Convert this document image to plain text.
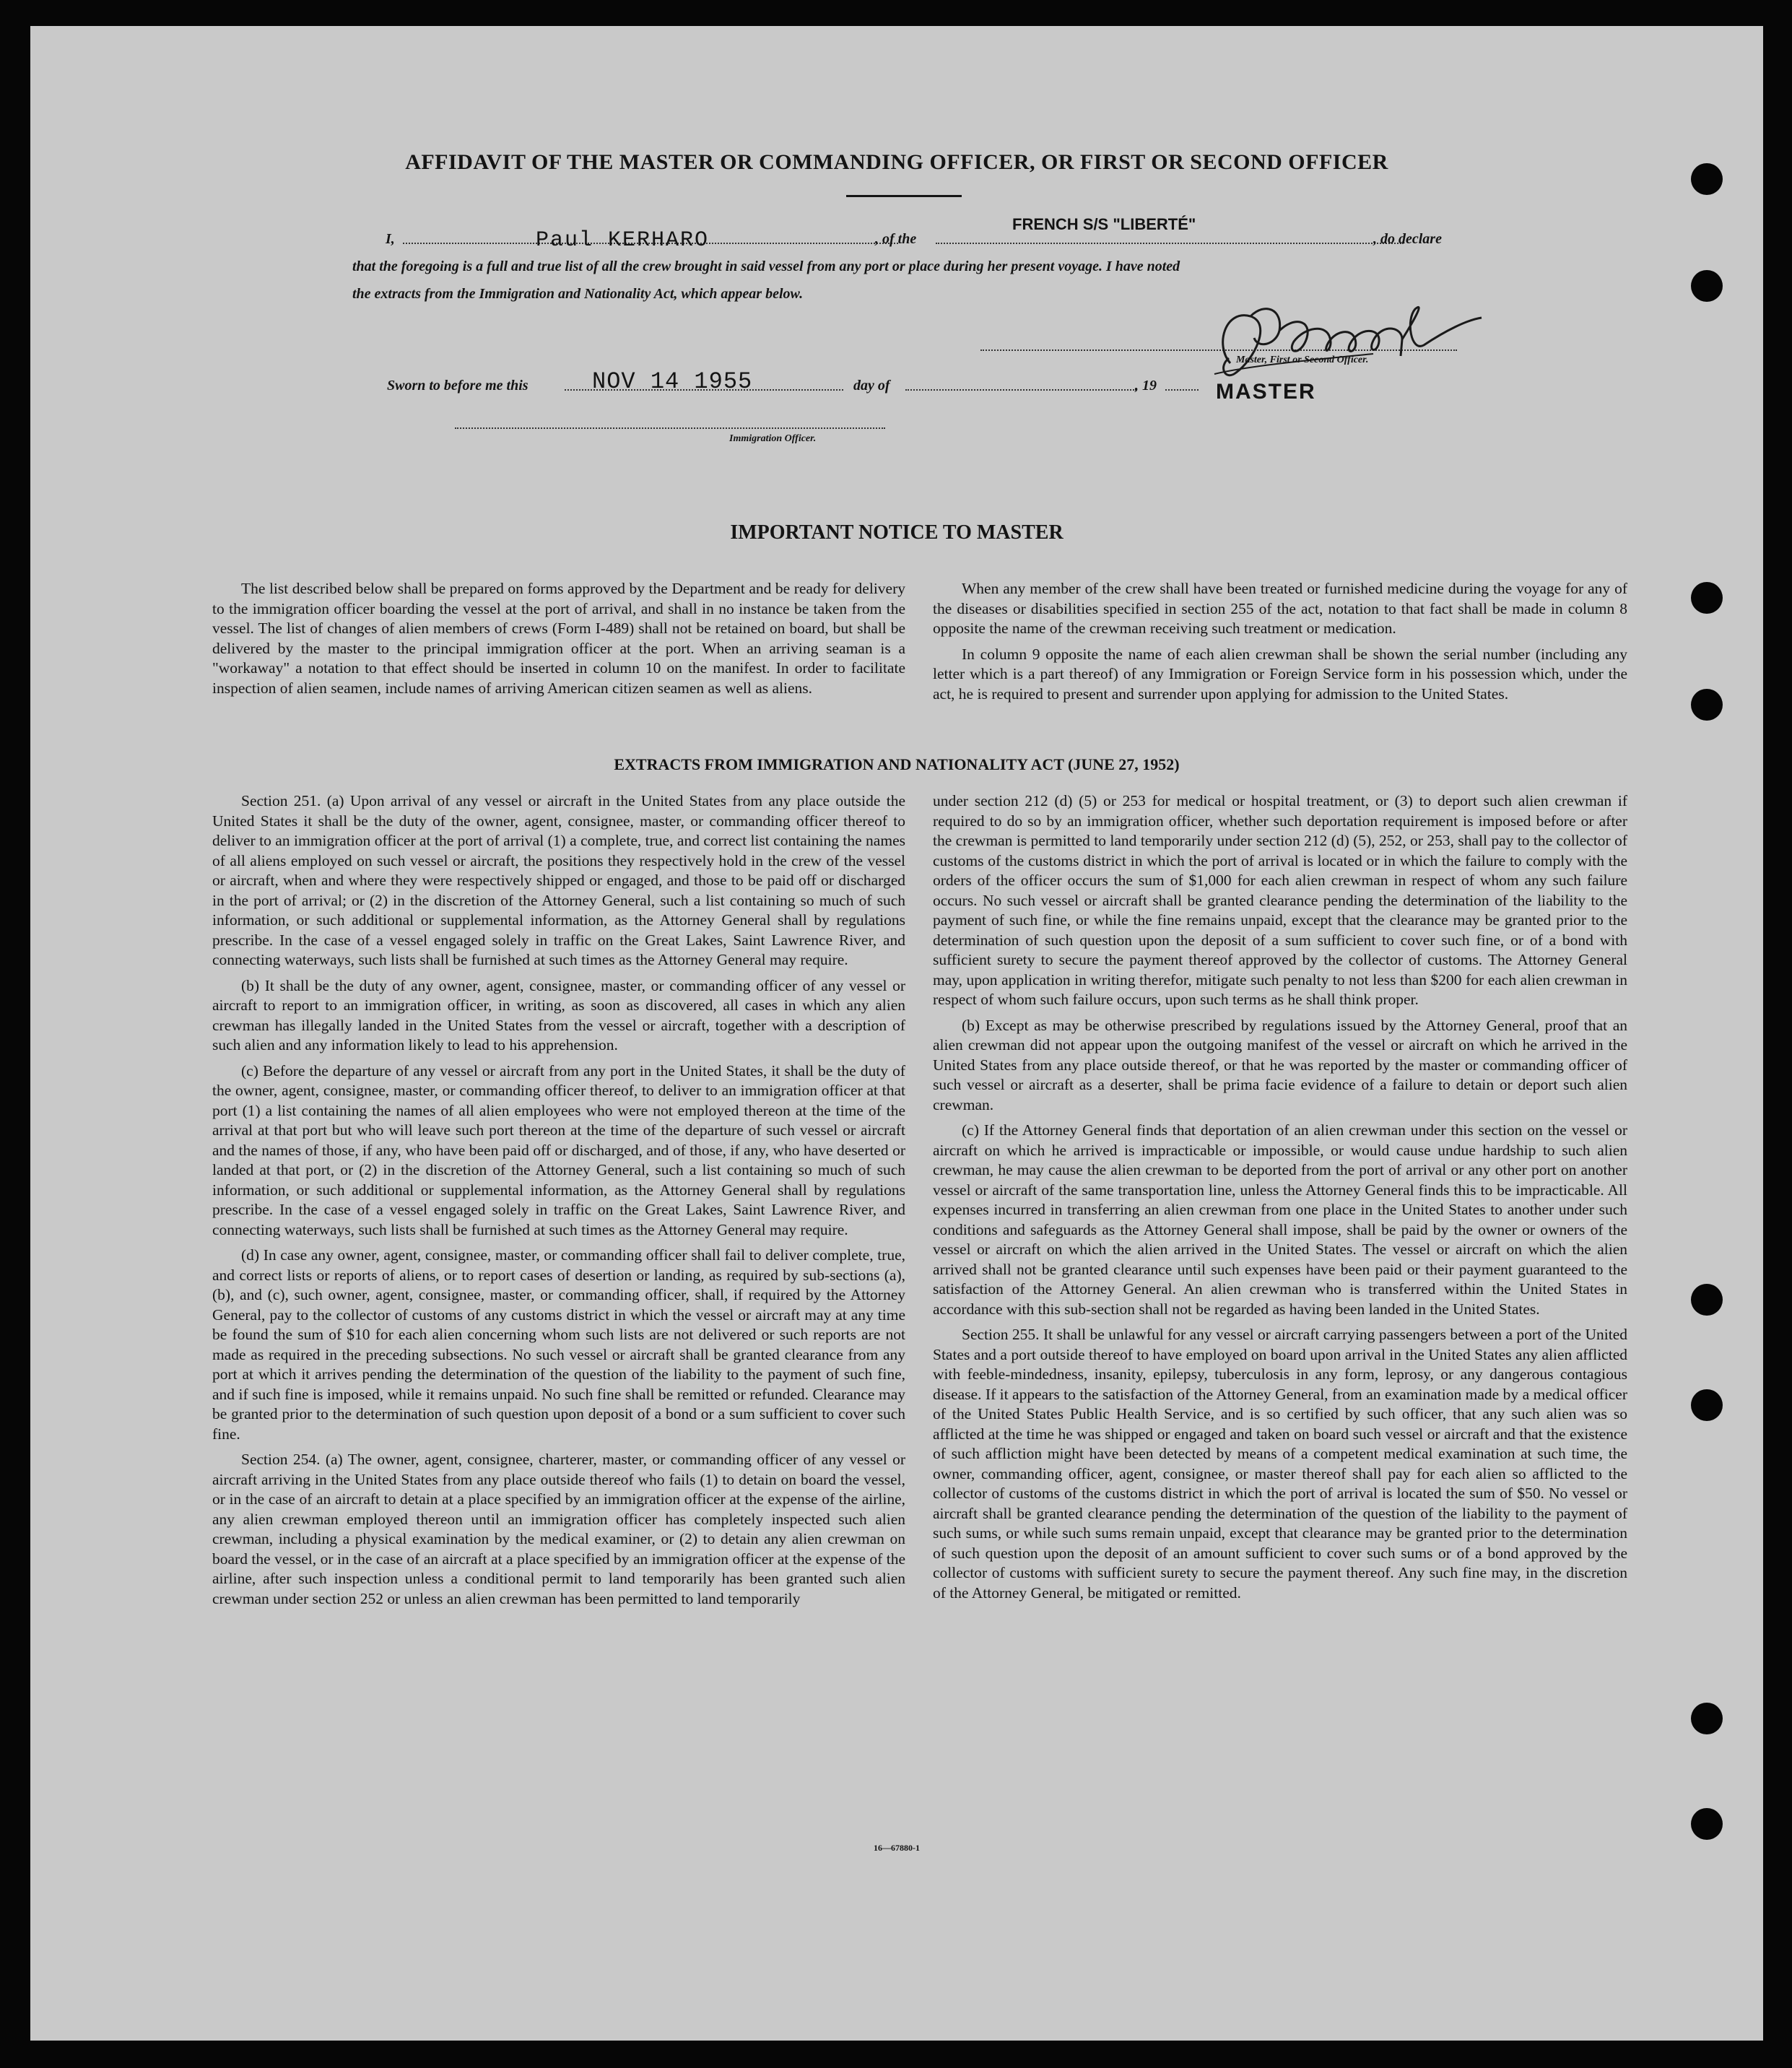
AFFIDAVIT OF THE MASTER OR COMMANDING OFFICER, OR FIRST OR SECOND OFFICER
I,	Paul KERHARO	, of the
FRENCH S/S "LIBERTÉ"
, do declare
that the foregoing is a full and true list of all the crew brought in said vessel from any port or place during her present voyage. I have noted
the extracts from the Immigration and Nationality Act, which appear below.
Master, First or Second Officer.
Sworn to before me this	NOV 14 1955	day of	, 19	MASTER
Immigration Officer.
IMPORTANT NOTICE TO MASTER

The list described below shall be prepared on forms approved by the Department and be ready for delivery to the immigration officer boarding the vessel at the port of arrival, and shall in no instance be taken from the vessel. The list of changes of alien members of crews (Form I-489) shall not be retained on board, but shall be delivered by the master to the principal immigration officer at the port. When an arriving seaman is a "workaway" a notation to that effect should be inserted in column 10 on the manifest. In order to facilitate inspection of alien seamen, include names of arriving American citizen seamen as well as aliens.

When any member of the crew shall have been treated or furnished medicine during the voyage for any of the diseases or disabilities specified in section 255 of the act, notation to that fact shall be made in column 8 opposite the name of the crewman receiving such treatment or medication.

In column 9 opposite the name of each alien crewman shall be shown the serial number (including any letter which is a part thereof) of any Immigration or Foreign Service form in his possession which, under the act, he is required to present and surrender upon applying for admission to the United States.

EXTRACTS FROM IMMIGRATION AND NATIONALITY ACT (JUNE 27, 1952)

Section 251. (a) Upon arrival of any vessel or aircraft in the United States from any place outside the United States it shall be the duty of the owner, agent, consignee, master, or commanding officer thereof to deliver to an immigration officer at the port of arrival (1) a complete, true, and correct list containing the names of all aliens employed on such vessel or aircraft, the positions they respectively hold in the crew of the vessel or aircraft, when and where they were respectively shipped or engaged, and those to be paid off or discharged in the port of arrival; or (2) in the discretion of the Attorney General, such a list containing so much of such information, or such additional or supplemental information, as the Attorney General shall by regulations prescribe. In the case of a vessel engaged solely in traffic on the Great Lakes, Saint Lawrence River, and connecting waterways, such lists shall be furnished at such times as the Attorney General may require.

(b) It shall be the duty of any owner, agent, consignee, master, or commanding officer of any vessel or aircraft to report to an immigration officer, in writing, as soon as discovered, all cases in which any alien crewman has illegally landed in the United States from the vessel or aircraft, together with a description of such alien and any information likely to lead to his apprehension.

(c) Before the departure of any vessel or aircraft from any port in the United States, it shall be the duty of the owner, agent, consignee, master, or commanding officer thereof, to deliver to an immigration officer at that port (1) a list containing the names of all alien employees who were not employed thereon at the time of the arrival at that port but who will leave such port thereon at the time of the departure of such vessel or aircraft and the names of those, if any, who have been paid off or discharged, and of those, if any, who have deserted or landed at that port, or (2) in the discretion of the Attorney General, such a list containing so much of such information, or such additional or supplemental information, as the Attorney General shall by regulations prescribe. In the case of a vessel engaged solely in traffic on the Great Lakes, Saint Lawrence River, and connecting waterways, such lists shall be furnished at such times as the Attorney General may require.

(d) In case any owner, agent, consignee, master, or commanding officer shall fail to deliver complete, true, and correct lists or reports of aliens, or to report cases of desertion or landing, as required by sub-sections (a), (b), and (c), such owner, agent, consignee, master, or commanding officer, shall, if required by the Attorney General, pay to the collector of customs of any customs district in which the vessel or aircraft may at any time be found the sum of $10 for each alien concerning whom such lists are not delivered or such reports are not made as required in the preceding subsections. No such vessel or aircraft shall be granted clearance from any port at which it arrives pending the determination of the question of the liability to the payment of such fine, and if such fine is imposed, while it remains unpaid. No such fine shall be remitted or refunded. Clearance may be granted prior to the determination of such question upon deposit of a bond or a sum sufficient to cover such fine.

Section 254. (a) The owner, agent, consignee, charterer, master, or commanding officer of any vessel or aircraft arriving in the United States from any place outside thereof who fails (1) to detain on board the vessel, or in the case of an aircraft to detain at a place specified by an immigration officer at the expense of the airline, any alien crewman employed thereon until an immigration officer has completely inspected such alien crewman, including a physical examination by the medical examiner, or (2) to detain any alien crewman on board the vessel, or in the case of an aircraft at a place specified by an immigration officer at the expense of the airline, after such inspection unless a conditional permit to land temporarily has been granted such alien crewman under section 252 or unless an alien crewman has been permitted to land temporarily

under section 212 (d) (5) or 253 for medical or hospital treatment, or (3) to deport such alien crewman if required to do so by an immigration officer, whether such deportation requirement is imposed before or after the crewman is permitted to land temporarily under section 212 (d) (5), 252, or 253, shall pay to the collector of customs of the customs district in which the port of arrival is located or in which the failure to comply with the orders of the officer occurs the sum of $1,000 for each alien crewman in respect of whom any such failure occurs. No such vessel or aircraft shall be granted clearance pending the determination of the liability to the payment of such fine, or while the fine remains unpaid, except that the clearance may be granted prior to the determination of such question upon the deposit of a sum sufficient to cover such fine, or of a bond with sufficient surety to secure the payment thereof approved by the collector of customs. The Attorney General may, upon application in writing therefor, mitigate such penalty to not less than $200 for each alien crewman in respect of whom such failure occurs, upon such terms as he shall think proper.

(b) Except as may be otherwise prescribed by regulations issued by the Attorney General, proof that an alien crewman did not appear upon the outgoing manifest of the vessel or aircraft on which he arrived in the United States from any place outside thereof, or that he was reported by the master or commanding officer of such vessel or aircraft as a deserter, shall be prima facie evidence of a failure to detain or deport such alien crewman.

(c) If the Attorney General finds that deportation of an alien crewman under this section on the vessel or aircraft on which he arrived is impracticable or impossible, or would cause undue hardship to such alien crewman, he may cause the alien crewman to be deported from the port of arrival or any other port on another vessel or aircraft of the same transportation line, unless the Attorney General finds this to be impracticable. All expenses incurred in transferring an alien crewman from one place in the United States to another under such conditions and safeguards as the Attorney General shall impose, shall be paid by the owner or owners of the vessel or aircraft on which the alien arrived in the United States. The vessel or aircraft on which the alien arrived shall not be granted clearance until such expenses have been paid or their payment guaranteed to the satisfaction of the Attorney General. An alien crewman who is transferred within the United States in accordance with this sub-section shall not be regarded as having been landed in the United States.

Section 255. It shall be unlawful for any vessel or aircraft carrying passengers between a port of the United States and a port outside thereof to have employed on board upon arrival in the United States any alien afflicted with feeble-mindedness, insanity, epilepsy, tuberculosis in any form, leprosy, or any dangerous contagious disease. If it appears to the satisfaction of the Attorney General, from an examination made by a medical officer of the United States Public Health Service, and is so certified by such officer, that any such alien was so afflicted at the time he was shipped or engaged and taken on board such vessel or aircraft and that the existence of such affliction might have been detected by means of a competent medical examination at such time, the owner, commanding officer, agent, consignee, or master thereof shall pay for each alien so afflicted to the collector of customs of the customs district in which the port of arrival is located the sum of $50. No vessel or aircraft shall be granted clearance pending the determination of the question of the liability to the payment of such sums, or while such sums remain unpaid, except that clearance may be granted prior to the determination of such question upon the deposit of an amount sufficient to cover such sums or of a bond approved by the collector of customs with sufficient surety to secure the payment thereof. Any such fine may, in the discretion of the Attorney General, be mitigated or remitted.

16—67880-1
